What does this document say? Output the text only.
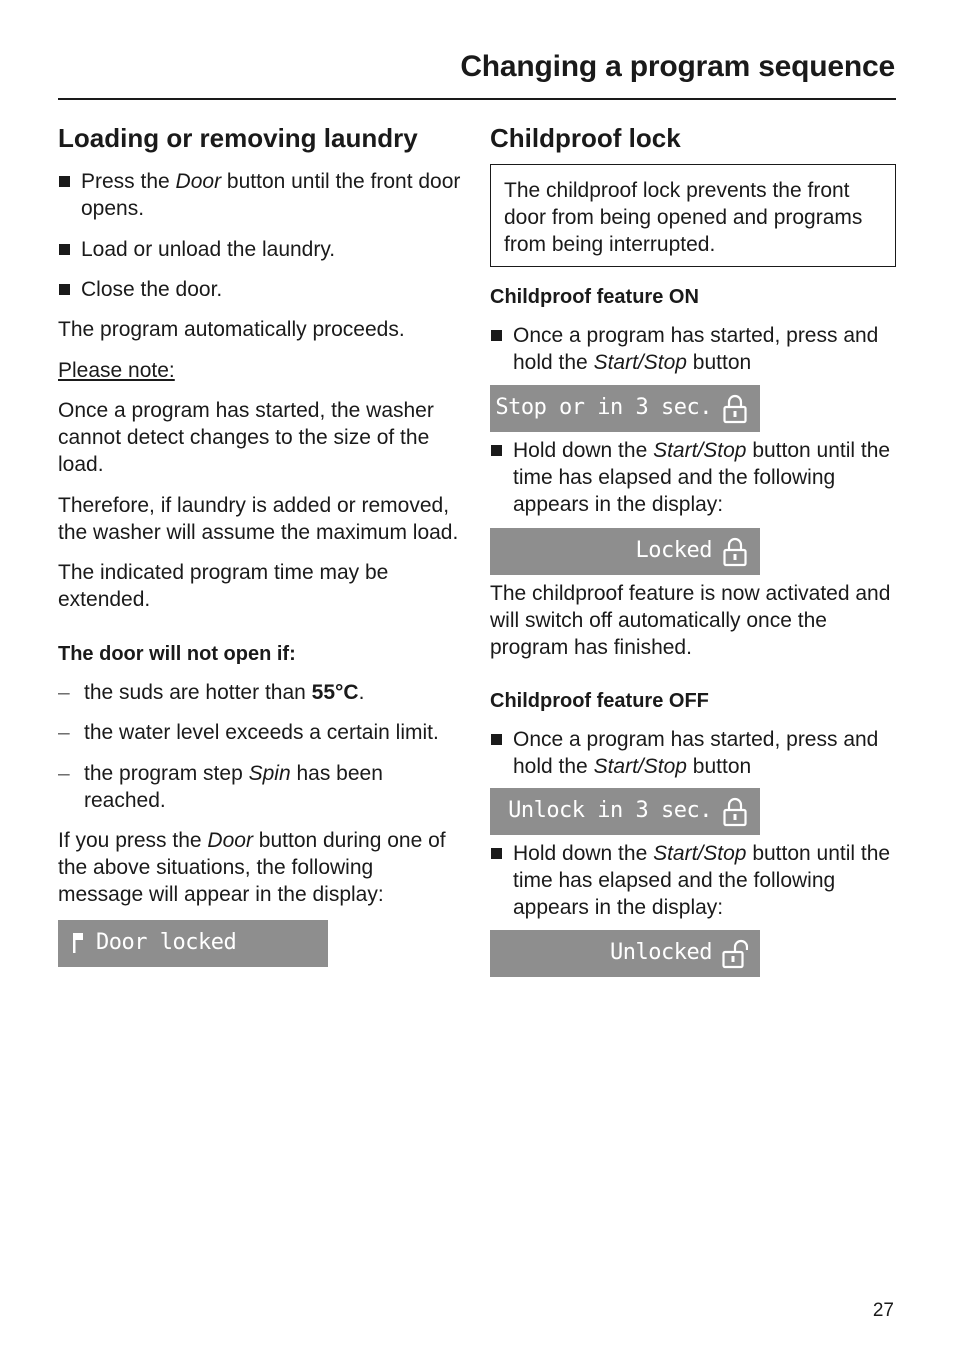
Changing a program sequence
Loading or removing laundry
Press the Door button until the front door opens.
Load or unload the laundry.
Close the door.

The program automatically proceeds.

Please note:

Once a program has started, the washer cannot detect changes to the size of the load.

Therefore, if laundry is added or removed, the washer will assume the maximum load.

The indicated program time may be extended.

The door will not open if:
– the suds are hotter than 55°C.
– the water level exceeds a certain limit.
– the program step Spin has been reached.

If you press the Door button during one of the above situations, the following message will appear in the display:

Door locked
Childproof lock
The childproof lock prevents the front door from being opened and programs from being interrupted.
Childproof feature ON
Once a program has started, press and hold the Start/Stop button
Stop or in 3 sec.
Hold down the Start/Stop button until the time has elapsed and the following appears in the display:
Locked

The childproof feature is now activated and will switch off automatically once the program has finished.

Childproof feature OFF
Once a program has started, press and hold the Start/Stop button
Unlock in 3 sec.
Hold down the Start/Stop button until the time has elapsed and the following appears in the display:
Unlocked
27
